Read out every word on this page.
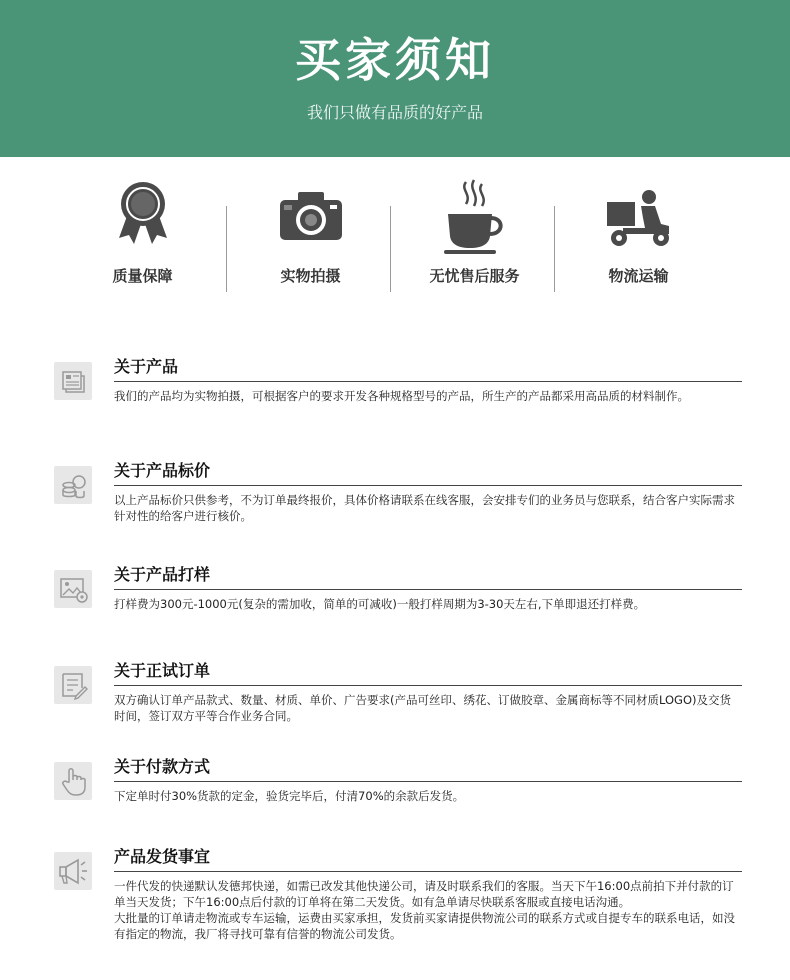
买家须知
我们只做有品质的好产品
质量保障	实物拍摄	无忧售后服务	物流运输
关于产品

我们的产品均为实物拍摄，可根据客户的要求开发各种规格型号的产品，所生产的产品都采用高品质的材料制作。

关于产品标价

以上产品标价只供参考，不为订单最终报价，具体价格请联系在线客服，会安排专们的业务员与您联系，结合客户实际需求针对性的给客户进行核价。

关于产品打样

打样费为300元-1000元(复杂的需加收，简单的可减收)一般打样周期为3-30天左右,下单即退还打样费。

关于正试订单

双方确认订单产品款式、数量、材质、单价、广告要求(产品可丝印、绣花、订做胶章、金属商标等不同材质LOGO)及交货时间，签订双方平等合作业务合同。

关于付款方式

下定单时付30%货款的定金，验货完毕后，付清70%的余款后发货。

产品发货事宜

一件代发的快递默认发德邦快递，如需已改发其他快递公司，请及时联系我们的客服。当天下午16:00点前拍下并付款的订单当天发货；下午16:00点后付款的订单将在第二天发货。如有急单请尽快联系客服或直接电话沟通。

大批量的订单请走物流或专车运输，运费由买家承担，发货前买家请提供物流公司的联系方式或自提专车的联系电话，如没有指定的物流，我厂将寻找可靠有信誉的物流公司发货。
